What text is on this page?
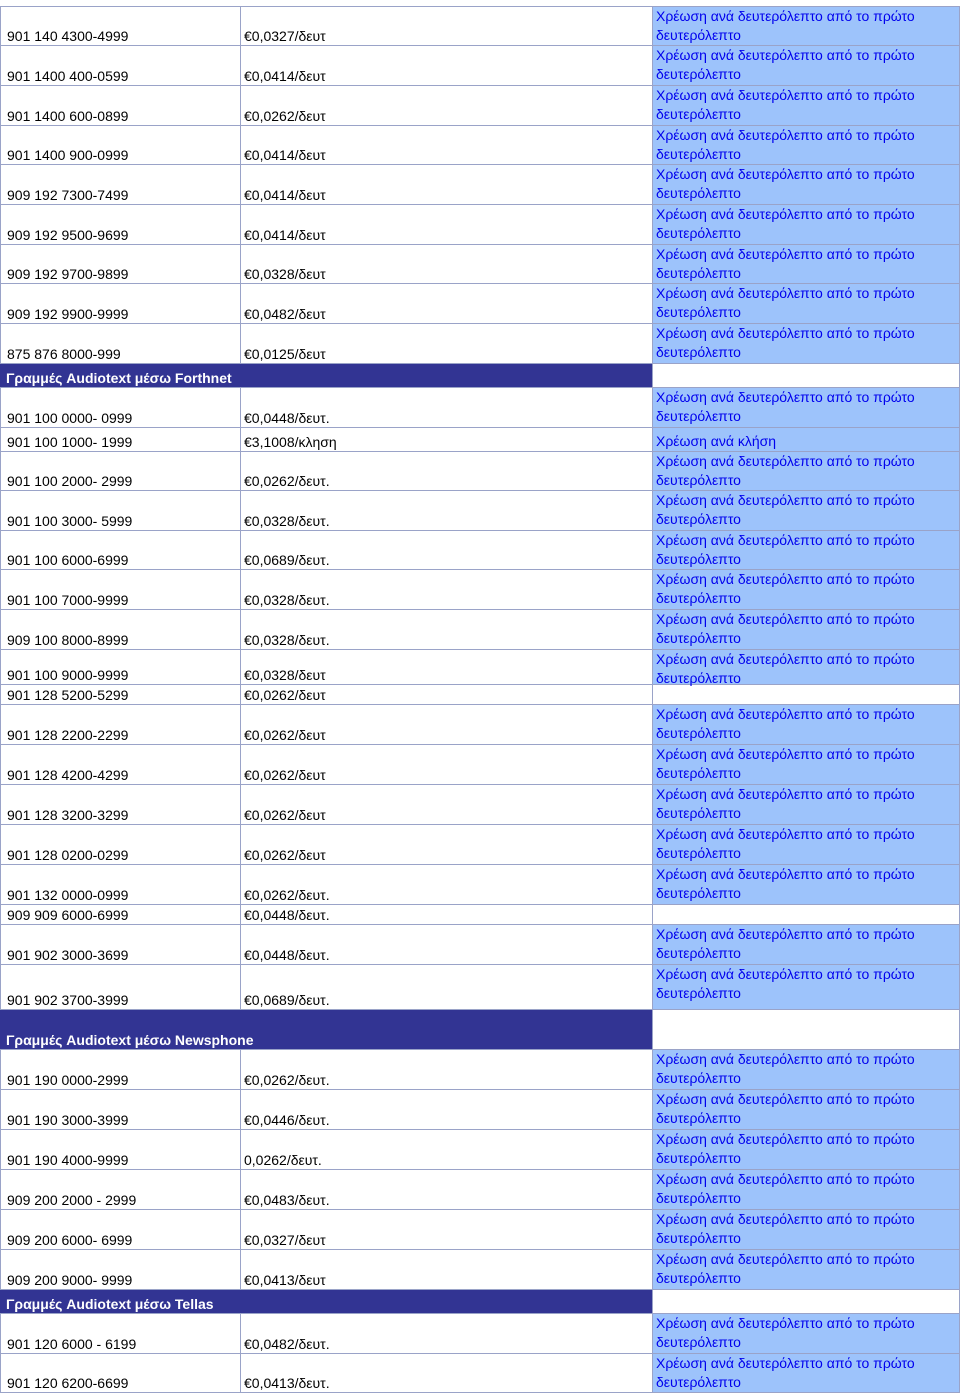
901 140 4300-4999	€0,0327/δευτ
Χρέωση ανά δευτερόλεπτο από το πρώτο δευτερόλεπτο
901 1400 400-0599	€0,0414/δευτ
Χρέωση ανά δευτερόλεπτο από το πρώτο δευτερόλεπτο
901 1400 600-0899	€0,0262/δευτ
Χρέωση ανά δευτερόλεπτο από το πρώτο δευτερόλεπτο
901 1400 900-0999	€0,0414/δευτ
Χρέωση ανά δευτερόλεπτο από το πρώτο δευτερόλεπτο
909 192 7300-7499	€0,0414/δευτ
Χρέωση ανά δευτερόλεπτο από το πρώτο δευτερόλεπτο
909 192 9500-9699	€0,0414/δευτ
Χρέωση ανά δευτερόλεπτο από το πρώτο δευτερόλεπτο
909 192 9700-9899	€0,0328/δευτ
Χρέωση ανά δευτερόλεπτο από το πρώτο δευτερόλεπτο
909 192 9900-9999	€0,0482/δευτ
Χρέωση ανά δευτερόλεπτο από το πρώτο δευτερόλεπτο
875 876 8000-999	€0,0125/δευτ
Χρέωση ανά δευτερόλεπτο από το πρώτο δευτερόλεπτο
Γραμμές Audiotext μέσω Forthnet
901 100 0000- 0999	€0,0448/δευτ.
Χρέωση ανά δευτερόλεπτο από το πρώτο δευτερόλεπτο
901 100 1000- 1999	€3,1008/κληση	Χρέωση ανά κλήση
901 100 2000- 2999	€0,0262/δευτ.
Χρέωση ανά δευτερόλεπτο από το πρώτο δευτερόλεπτο
901 100 3000- 5999	€0,0328/δευτ.
Χρέωση ανά δευτερόλεπτο από το πρώτο δευτερόλεπτο
901 100 6000-6999	€0,0689/δευτ.
Χρέωση ανά δευτερόλεπτο από το πρώτο δευτερόλεπτο
901 100 7000-9999	€0,0328/δευτ.
Χρέωση ανά δευτερόλεπτο από το πρώτο δευτερόλεπτο
909 100 8000-8999	€0,0328/δευτ.
Χρέωση ανά δευτερόλεπτο από το πρώτο δευτερόλεπτο
901 100 9000-9999	€0,0328/δευτ
Χρέωση ανά δευτερόλεπτο από το πρώτο δευτερόλεπτο
901 128 5200-5299	€0,0262/δευτ
901 128 2200-2299	€0,0262/δευτ
Χρέωση ανά δευτερόλεπτο από το πρώτο δευτερόλεπτο
901 128 4200-4299	€0,0262/δευτ
Χρέωση ανά δευτερόλεπτο από το πρώτο δευτερόλεπτο
901 128 3200-3299	€0,0262/δευτ
Χρέωση ανά δευτερόλεπτο από το πρώτο δευτερόλεπτο
901 128 0200-0299	€0,0262/δευτ
Χρέωση ανά δευτερόλεπτο από το πρώτο δευτερόλεπτο
901 132 0000-0999	€0,0262/δευτ.
Χρέωση ανά δευτερόλεπτο από το πρώτο δευτερόλεπτο
909 909 6000-6999	€0,0448/δευτ.
901 902 3000-3699	€0,0448/δευτ.
Χρέωση ανά δευτερόλεπτο από το πρώτο δευτερόλεπτο
901 902 3700-3999	€0,0689/δευτ.
Χρέωση ανά δευτερόλεπτο από το πρώτο δευτερόλεπτο
Γραμμές Audiotext μέσω Newsphone
901 190 0000-2999	€0,0262/δευτ.
Χρέωση ανά δευτερόλεπτο από το πρώτο δευτερόλεπτο
901 190 3000-3999	€0,0446/δευτ.
Χρέωση ανά δευτερόλεπτο από το πρώτο δευτερόλεπτο
901 190 4000-9999	0,0262/δευτ.
Χρέωση ανά δευτερόλεπτο από το πρώτο δευτερόλεπτο
909 200 2000 - 2999	€0,0483/δευτ.
Χρέωση ανά δευτερόλεπτο από το πρώτο δευτερόλεπτο
909 200 6000- 6999	€0,0327/δευτ
Χρέωση ανά δευτερόλεπτο από το πρώτο δευτερόλεπτο
909 200 9000- 9999	€0,0413/δευτ
Χρέωση ανά δευτερόλεπτο από το πρώτο δευτερόλεπτο
Γραμμές Audiotext μέσω Tellas
901 120 6000 - 6199	€0,0482/δευτ.
Χρέωση ανά δευτερόλεπτο από το πρώτο δευτερόλεπτο
901 120 6200-6699	€0,0413/δευτ.
Χρέωση ανά δευτερόλεπτο από το πρώτο δευτερόλεπτο
